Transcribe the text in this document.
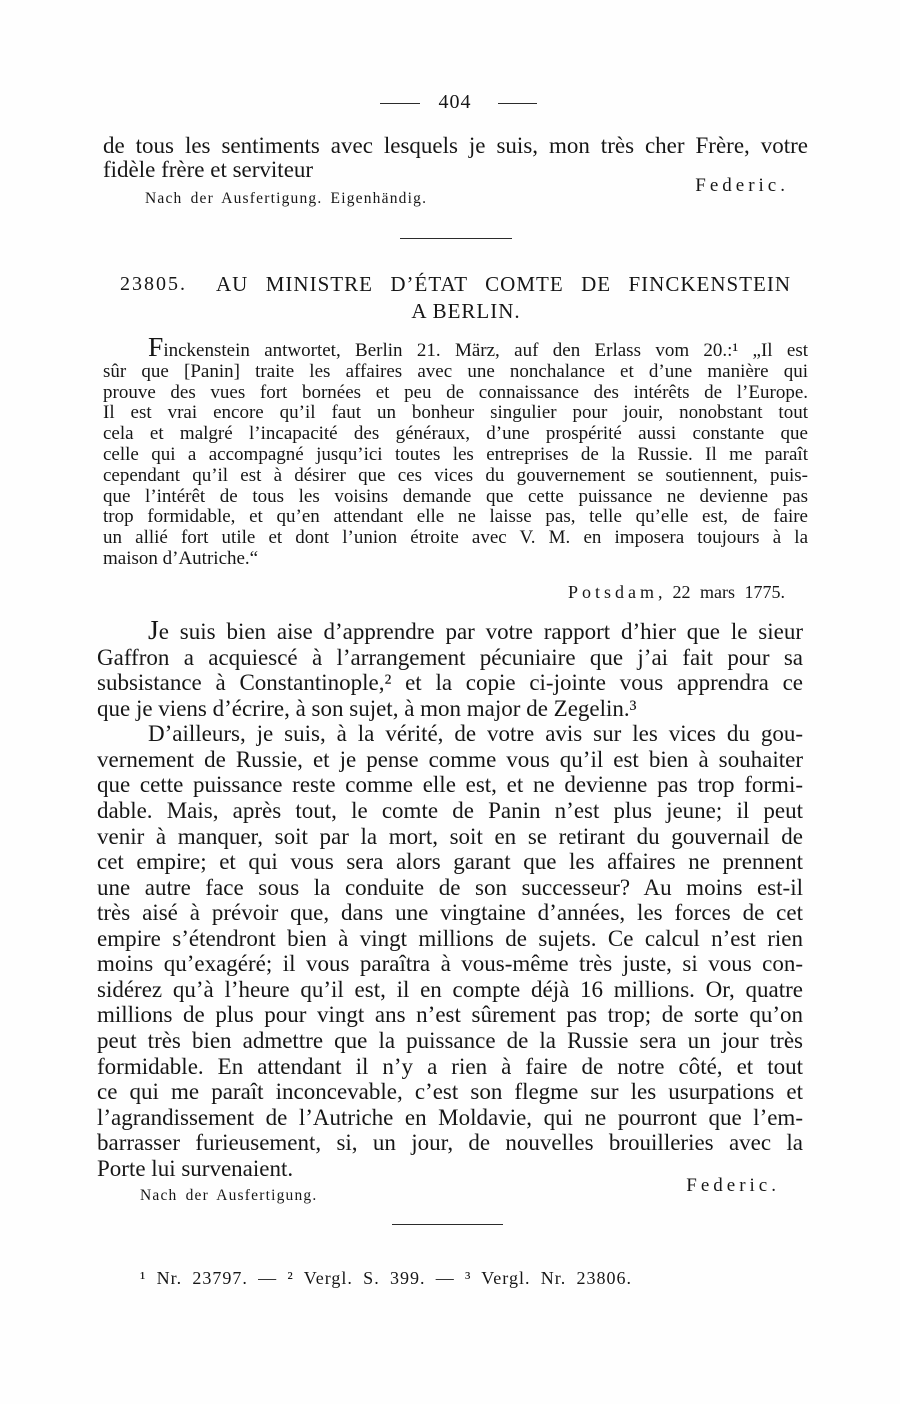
404
de tous les sentiments avec lesquels je suis, mon très cher Frère, votre
fidèle frère et serviteur
Federic.
Nach der Ausfertigung. Eigenhändig.
23805.	AU MINISTRE D’ÉTAT COMTE DE FINCKENSTEIN
A BERLIN.
Finckenstein antwortet, Berlin 21. März, auf den Erlass vom 20.:¹ „Il est
sûr que [Panin] traite les affaires avec une nonchalance et d’une manière qui
prouve des vues fort bornées et peu de connaissance des intérêts de l’Europe.
Il est vrai encore qu’il faut un bonheur singulier pour jouir, nonobstant tout
cela et malgré l’incapacité des généraux, d’une prospérité aussi constante que
celle qui a accompagné jusqu’ici toutes les entreprises de la Russie. Il me paraît
cependant qu’il est à désirer que ces vices du gouvernement se soutiennent, puis-
que l’intérêt de tous les voisins demande que cette puissance ne devienne pas
trop formidable, et qu’en attendant elle ne laisse pas, telle qu’elle est, de faire
un allié fort utile et dont l’union étroite avec V. M. en imposera toujours à la
maison d’Autriche.“
Potsdam, 22 mars 1775.
Je suis bien aise d’apprendre par votre rapport d’hier que le sieur
Gaffron a acquiescé à l’arrangement pécuniaire que j’ai fait pour sa
subsistance à Constantinople,² et la copie ci-jointe vous apprendra ce
que je viens d’écrire, à son sujet, à mon major de Zegelin.³
D’ailleurs, je suis, à la vérité, de votre avis sur les vices du gou-
vernement de Russie, et je pense comme vous qu’il est bien à souhaiter
que cette puissance reste comme elle est, et ne devienne pas trop formi-
dable. Mais, après tout, le comte de Panin n’est plus jeune; il peut
venir à manquer, soit par la mort, soit en se retirant du gouvernail de
cet empire; et qui vous sera alors garant que les affaires ne prennent
une autre face sous la conduite de son successeur? Au moins est-il
très aisé à prévoir que, dans une vingtaine d’années, les forces de cet
empire s’étendront bien à vingt millions de sujets. Ce calcul n’est rien
moins qu’exagéré; il vous paraîtra à vous-même très juste, si vous con-
sidérez qu’à l’heure qu’il est, il en compte déjà 16 millions. Or, quatre
millions de plus pour vingt ans n’est sûrement pas trop; de sorte qu’on
peut très bien admettre que la puissance de la Russie sera un jour très
formidable. En attendant il n’y a rien à faire de notre côté, et tout
ce qui me paraît inconcevable, c’est son flegme sur les usurpations et
l’agrandissement de l’Autriche en Moldavie, qui ne pourront que l’em-
barrasser furieusement, si, un jour, de nouvelles brouilleries avec la
Porte lui survenaient.
Federic.
Nach der Ausfertigung.
¹ Nr. 23797. — ² Vergl. S. 399. — ³ Vergl. Nr. 23806.
